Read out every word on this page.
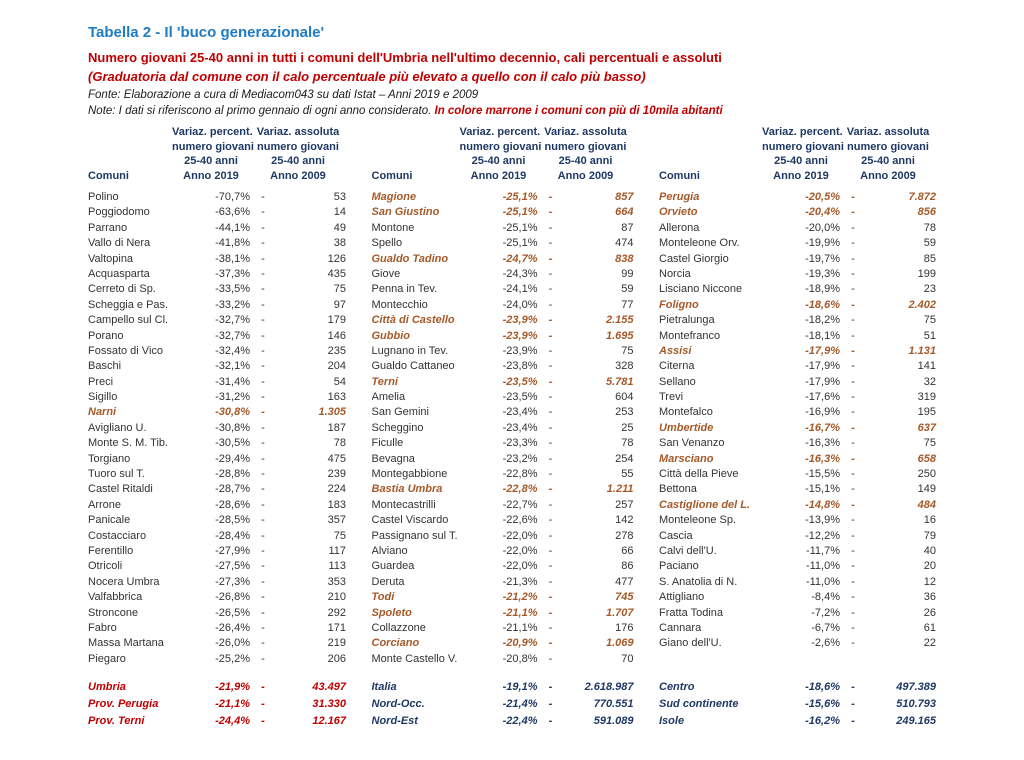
Tabella 2 - Il 'buco generazionale'
Numero giovani 25-40 anni in tutti i comuni dell'Umbria nell'ultimo decennio, cali percentuali e assoluti
(Graduatoria dal comune con il calo percentuale più elevato a quello con il calo più basso)
Fonte: Elaborazione a cura di Mediacom043 su dati Istat – Anni 2019 e 2009
Note: I dati si riferiscono al primo gennaio di ogni anno considerato. In colore marrone i comuni con più di 10mila abitanti
Comuni
Variaz. percent.
numero giovani
25-40 anni
Anno 2019
Variaz. assoluta
numero giovani
25-40 anni
Anno 2009
Polino	-70,7%	-	53
Poggiodomo	-63,6%	-	14
Parrano	-44,1%	-	49
Vallo di Nera	-41,8%	-	38
Valtopina	-38,1%	-	126
Acquasparta	-37,3%	-	435
Cerreto di Sp.	-33,5%	-	75
Scheggia e Pas.	-33,2%	-	97
Campello sul Cl.	-32,7%	-	179
Porano	-32,7%	-	146
Fossato di Vico	-32,4%	-	235
Baschi	-32,1%	-	204
Preci	-31,4%	-	54
Sigillo	-31,2%	-	163
Narni	-30,8%	-	1.305
Avigliano U.	-30,8%	-	187
Monte S. M. Tib.	-30,5%	-	78
Torgiano	-29,4%	-	475
Tuoro sul T.	-28,8%	-	239
Castel Ritaldi	-28,7%	-	224
Arrone	-28,6%	-	183
Panicale	-28,5%	-	357
Costacciaro	-28,4%	-	75
Ferentillo	-27,9%	-	117
Otricoli	-27,5%	-	113
Nocera Umbra	-27,3%	-	353
Valfabbrica	-26,8%	-	210
Stroncone	-26,5%	-	292
Fabro	-26,4%	-	171
Massa Martana	-26,0%	-	219
Piegaro	-25,2%	-	206
Umbria	-21,9%	-	43.497
Prov. Perugia	-21,1%	-	31.330
Prov. Terni	-24,4%	-	12.167
Comuni
Variaz. percent.
numero giovani
25-40 anni
Anno 2019
Variaz. assoluta
numero giovani
25-40 anni
Anno 2009
Magione	-25,1%	-	857
San Giustino	-25,1%	-	664
Montone	-25,1%	-	87
Spello	-25,1%	-	474
Gualdo Tadino	-24,7%	-	838
Giove	-24,3%	-	99
Penna in Tev.	-24,1%	-	59
Montecchio	-24,0%	-	77
Città di Castello	-23,9%	-	2.155
Gubbio	-23,9%	-	1.695
Lugnano in Tev.	-23,9%	-	75
Gualdo Cattaneo	-23,8%	-	328
Terni	-23,5%	-	5.781
Amelia	-23,5%	-	604
San Gemini	-23,4%	-	253
Scheggino	-23,4%	-	25
Ficulle	-23,3%	-	78
Bevagna	-23,2%	-	254
Montegabbione	-22,8%	-	55
Bastia Umbra	-22,8%	-	1.211
Montecastrilli	-22,7%	-	257
Castel Viscardo	-22,6%	-	142
Passignano sul T.	-22,0%	-	278
Alviano	-22,0%	-	66
Guardea	-22,0%	-	86
Deruta	-21,3%	-	477
Todi	-21,2%	-	745
Spoleto	-21,1%	-	1.707
Collazzone	-21,1%	-	176
Corciano	-20,9%	-	1.069
Monte Castello V.	-20,8%	-	70
Italia	-19,1%	-	2.618.987
Nord-Occ.	-21,4%	-	770.551
Nord-Est	-22,4%	-	591.089
Comuni
Variaz. percent.
numero giovani
25-40 anni
Anno 2019
Variaz. assoluta
numero giovani
25-40 anni
Anno 2009
Perugia	-20,5%	-	7.872
Orvieto	-20,4%	-	856
Allerona	-20,0%	-	78
Monteleone Orv.	-19,9%	-	59
Castel Giorgio	-19,7%	-	85
Norcia	-19,3%	-	199
Lisciano Niccone	-18,9%	-	23
Foligno	-18,6%	-	2.402
Pietralunga	-18,2%	-	75
Montefranco	-18,1%	-	51
Assisi	-17,9%	-	1.131
Citerna	-17,9%	-	141
Sellano	-17,9%	-	32
Trevi	-17,6%	-	319
Montefalco	-16,9%	-	195
Umbertide	-16,7%	-	637
San Venanzo	-16,3%	-	75
Marsciano	-16,3%	-	658
Città della Pieve	-15,5%	-	250
Bettona	-15,1%	-	149
Castiglione del L.	-14,8%	-	484
Monteleone Sp.	-13,9%	-	16
Cascia	-12,2%	-	79
Calvi dell'U.	-11,7%	-	40
Paciano	-11,0%	-	20
S. Anatolia di N.	-11,0%	-	12
Attigliano	-8,4%	-	36
Fratta Todina	-7,2%	-	26
Cannara	-6,7%	-	61
Giano dell'U.	-2,6%	-	22
Centro	-18,6%	-	497.389
Sud continente	-15,6%	-	510.793
Isole	-16,2%	-	249.165
